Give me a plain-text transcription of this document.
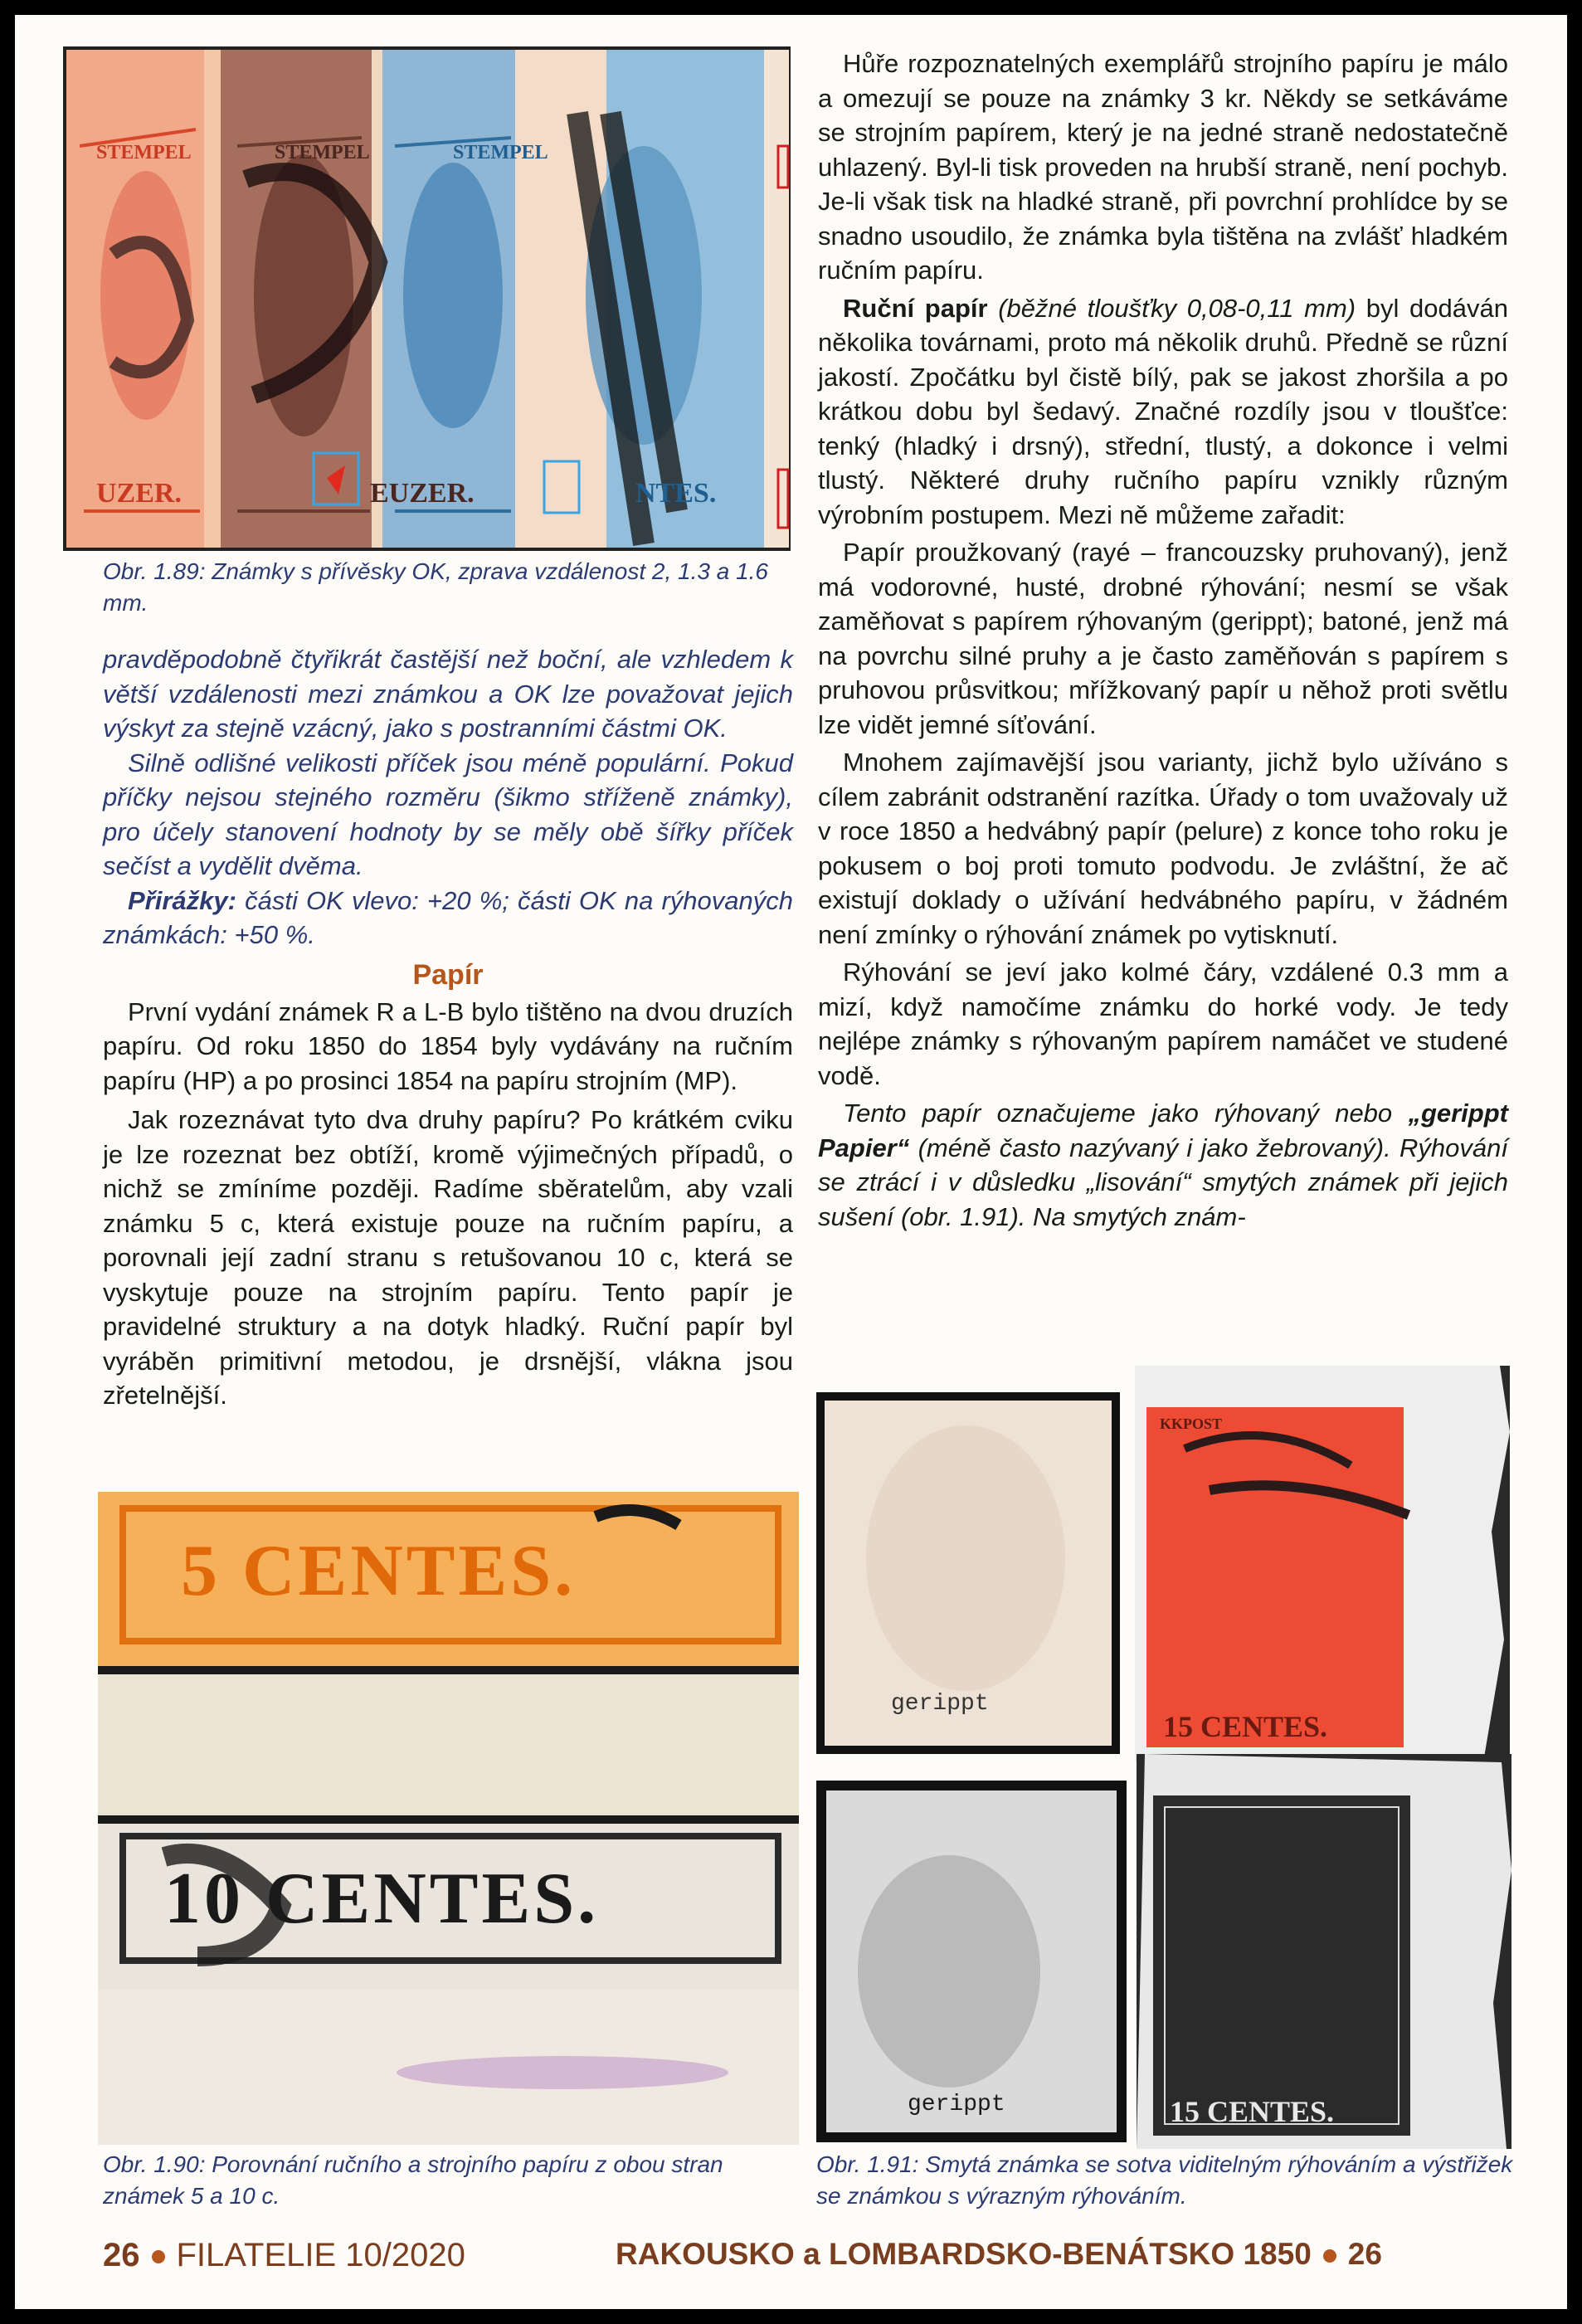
STEMPEL	STEMPEL	STEMPEL
UZER.	EUZER.	NTES.

Obr. 1.89: Známky s přívěsky OK, zprava vzdálenost 2, 1.3 a 1.6 mm.

pravděpodobně čtyřikrát častější než boční, ale vzhledem k větší vzdálenosti mezi známkou a OK lze považovat jejich výskyt za stejně vzácný, jako s postranními částmi OK.

Silně odlišné velikosti příček jsou méně populární. Pokud příčky nejsou stejného rozměru (šikmo stříženě známky), pro účely stanovení hodnoty by se měly obě šířky příček sečíst a vydělit dvěma.

Přirážky: části OK vlevo: +20 %; části OK na rýhovaných známkách: +50 %.

Papír

První vydání známek R a L-B bylo tištěno na dvou druzích papíru. Od roku 1850 do 1854 byly vydávány na ručním papíru (HP) a po prosinci 1854 na papíru strojním (MP).

Jak rozeznávat tyto dva druhy papíru? Po krátkém cviku je lze rozeznat bez obtíží, kromě výjimečných případů, o nichž se zmíníme později. Radíme sběratelům, aby vzali známku 5 c, která existuje pouze na ručním papíru, a porovnali její zadní stranu s retušovanou 10 c, která se vyskytuje pouze na strojním papíru. Tento papír je pravidelné struktury a na dotyk hladký. Ruční papír byl vyráběn primitivní metodou, je drsnější, vlákna jsou zřetelnější.

Hůře rozpoznatelných exemplářů strojního papíru je málo a omezují se pouze na známky 3 kr. Někdy se setkáváme se strojním papírem, který je na jedné straně nedostatečně uhlazený. Byl-li tisk proveden na hrubší straně, není pochyb. Je-li však tisk na hladké straně, při povrchní prohlídce by se snadno usoudilo, že známka byla tištěna na zvlášť hladkém ručním papíru.

Ruční papír (běžné tloušťky 0,08-0,11 mm) byl dodáván několika továrnami, proto má několik druhů. Předně se různí jakostí. Zpočátku byl čistě bílý, pak se jakost zhoršila a po krátkou dobu byl šedavý. Značné rozdíly jsou v tloušťce: tenký (hladký i drsný), střední, tlustý, a dokonce i velmi tlustý. Některé druhy ručního papíru vznikly různým výrobním postupem. Mezi ně můžeme zařadit:

Papír proužkovaný (rayé – francouzsky pruhovaný), jenž má vodorovné, husté, drobné rýhování; nesmí se však zaměňovat s papírem rýhovaným (gerippt); batoné, jenž má na povrchu silné pruhy a je často zaměňován s papírem s pruhovou průsvitkou; mřížkovaný papír u něhož proti světlu lze vidět jemné síťování.

Mnohem zajímavější jsou varianty, jichž bylo užíváno s cílem zabránit odstranění razítka. Úřady o tom uvažovaly už v roce 1850 a hedvábný papír (pelure) z konce toho roku je pokusem o boj proti tomuto podvodu. Je zvláštní, že ač existují doklady o užívání hedvábného papíru, v žádném není zmínky o rýhování známek po vytisknutí.

Rýhování se jeví jako kolmé čáry, vzdálené 0.3 mm a mizí, když namočíme známku do horké vody. Je tedy nejlépe známky s rýhovaným papírem namáčet ve studené vodě.

Tento papír označujeme jako rýhovaný nebo „gerippt Papier“ (méně často nazývaný i jako žebrovaný). Rýhování se ztrácí i v důsledku „lisování“ smytých známek při jejich sušení (obr. 1.91). Na smytých znám-

5 CENTES.
10 CENTES.

Obr. 1.90: Porovnání ručního a strojního papíru z obou stran známek 5 a 10 c.

gerippt
KKPOST
15 CENTES.
gerippt	15 CENTES.

Obr. 1.91: Smytá známka se sotva viditelným rýhováním a výstřižek se známkou s výrazným rýhováním.

26 FILATELIE 10/2020	RAKOUSKO a LOMBARDSKO-BENÁTSKO 1850 26
